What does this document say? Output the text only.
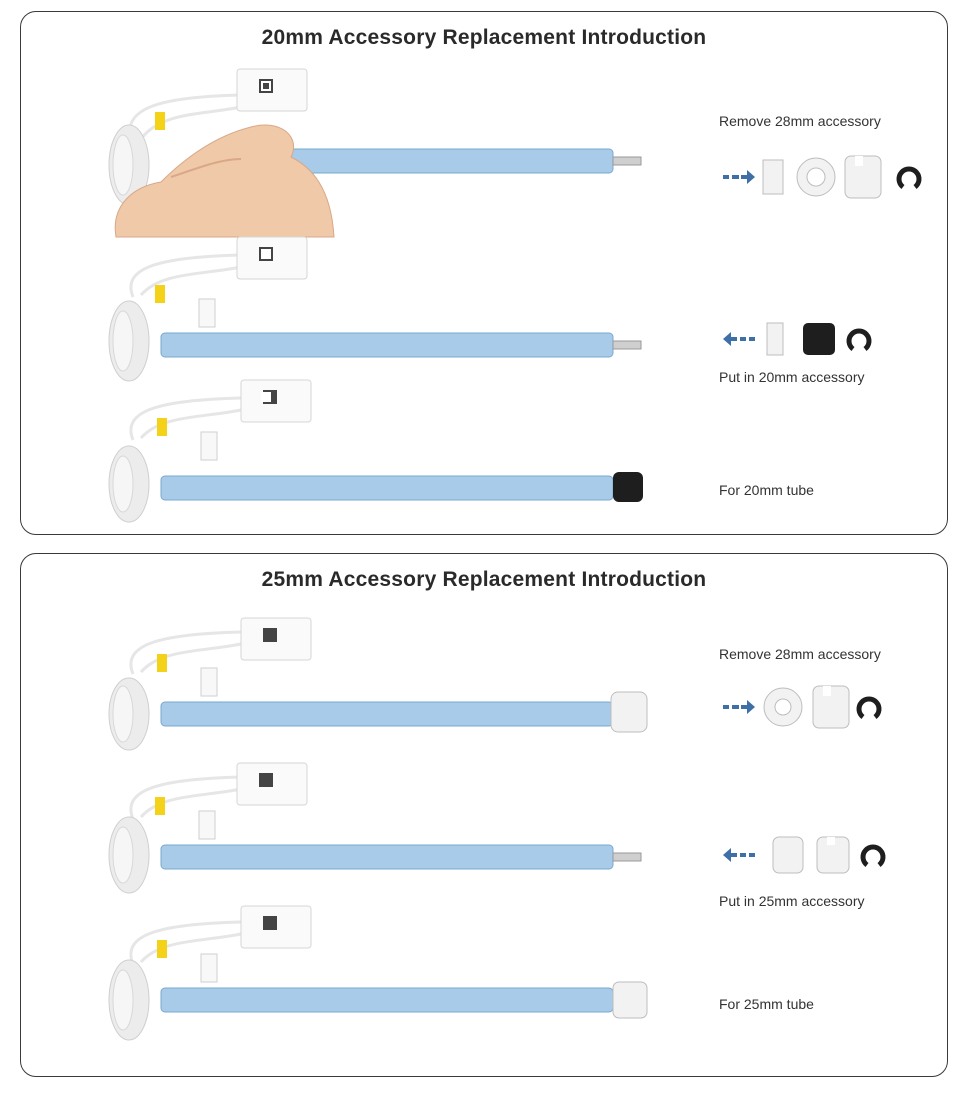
20mm Accessory Replacement Introduction
Remove 28mm accessory
Put in 20mm accessory
For 20mm tube
25mm Accessory Replacement Introduction
Remove 28mm accessory
Put in 25mm accessory
For 25mm tube
